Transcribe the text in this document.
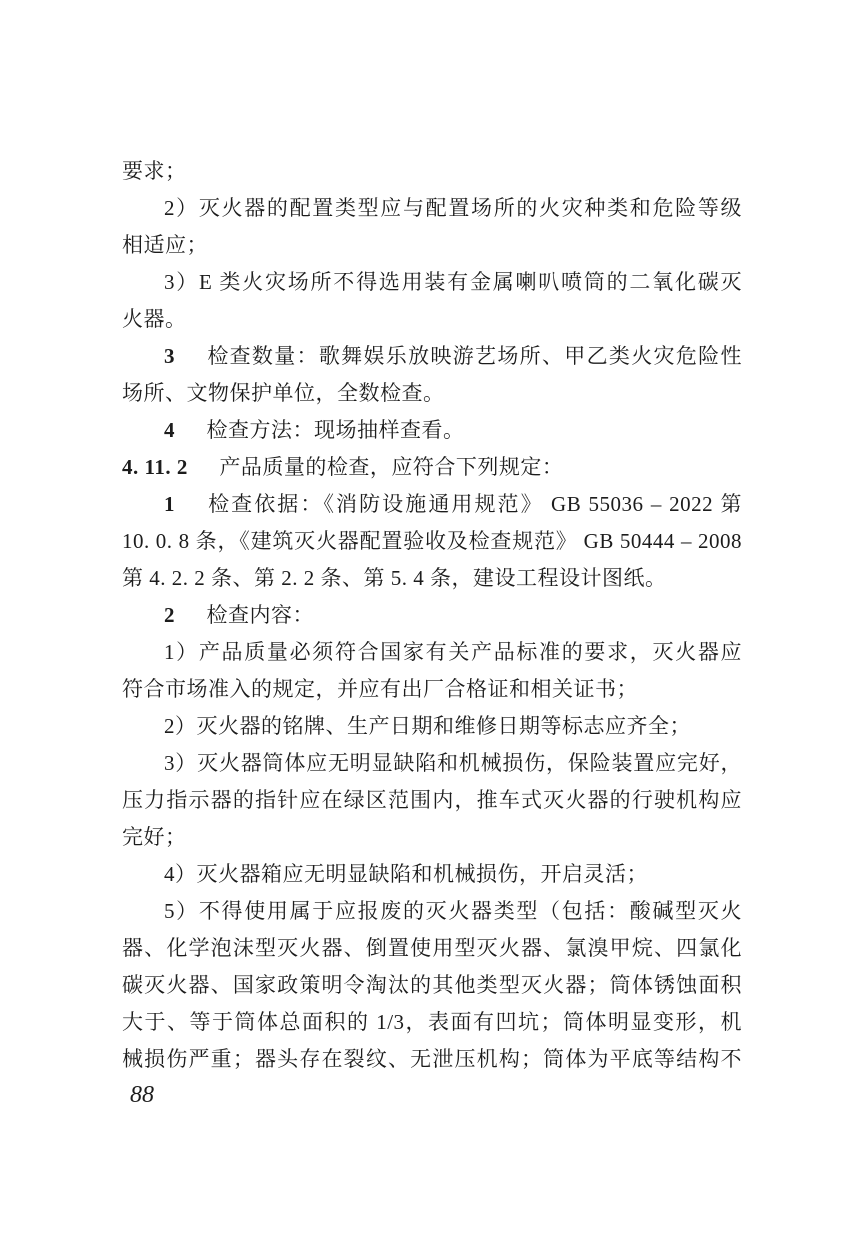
要求；
2）灭火器的配置类型应与配置场所的火灾种类和危险等级
相适应；
3）E 类火灾场所不得选用装有金属喇叭喷筒的二氧化碳灭
火器。
3 检查数量：歌舞娱乐放映游艺场所、甲乙类火灾危险性
场所、文物保护单位，全数检查。
4 检查方法：现场抽样查看。
4. 11. 2 产品质量的检查，应符合下列规定：
1 检查依据：《消防设施通用规范》 GB 55036 – 2022 第
10. 0. 8 条，《建筑灭火器配置验收及检查规范》 GB 50444 – 2008
第 4. 2. 2 条、第 2. 2 条、第 5. 4 条，建设工程设计图纸。
2 检查内容：
1）产品质量必须符合国家有关产品标准的要求，灭火器应
符合市场准入的规定，并应有出厂合格证和相关证书；
2）灭火器的铭牌、生产日期和维修日期等标志应齐全；
3）灭火器筒体应无明显缺陷和机械损伤，保险装置应完好，
压力指示器的指针应在绿区范围内，推车式灭火器的行驶机构应
完好；
4）灭火器箱应无明显缺陷和机械损伤，开启灵活；
5）不得使用属于应报废的灭火器类型（包括：酸碱型灭火
器、化学泡沫型灭火器、倒置使用型灭火器、氯溴甲烷、四氯化
碳灭火器、国家政策明令淘汰的其他类型灭火器；筒体锈蚀面积
大于、等于筒体总面积的 1/3，表面有凹坑；筒体明显变形，机
械损伤严重；器头存在裂纹、无泄压机构；筒体为平底等结构不
88
